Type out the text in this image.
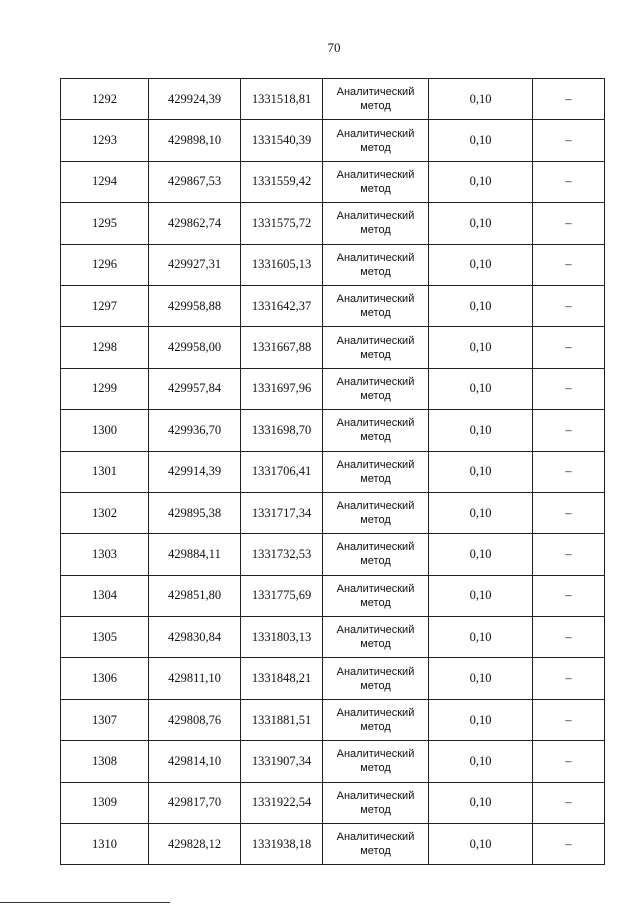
70
1292	429924,39	1331518,81	Аналитический метод	0,10	–
1293	429898,10	1331540,39	Аналитический метод	0,10	–
1294	429867,53	1331559,42	Аналитический метод	0,10	–
1295	429862,74	1331575,72	Аналитический метод	0,10	–
1296	429927,31	1331605,13	Аналитический метод	0,10	–
1297	429958,88	1331642,37	Аналитический метод	0,10	–
1298	429958,00	1331667,88	Аналитический метод	0,10	–
1299	429957,84	1331697,96	Аналитический метод	0,10	–
1300	429936,70	1331698,70	Аналитический метод	0,10	–
1301	429914,39	1331706,41	Аналитический метод	0,10	–
1302	429895,38	1331717,34	Аналитический метод	0,10	–
1303	429884,11	1331732,53	Аналитический метод	0,10	–
1304	429851,80	1331775,69	Аналитический метод	0,10	–
1305	429830,84	1331803,13	Аналитический метод	0,10	–
1306	429811,10	1331848,21	Аналитический метод	0,10	–
1307	429808,76	1331881,51	Аналитический метод	0,10	–
1308	429814,10	1331907,34	Аналитический метод	0,10	–
1309	429817,70	1331922,54	Аналитический метод	0,10	–
1310	429828,12	1331938,18	Аналитический метод	0,10	–
